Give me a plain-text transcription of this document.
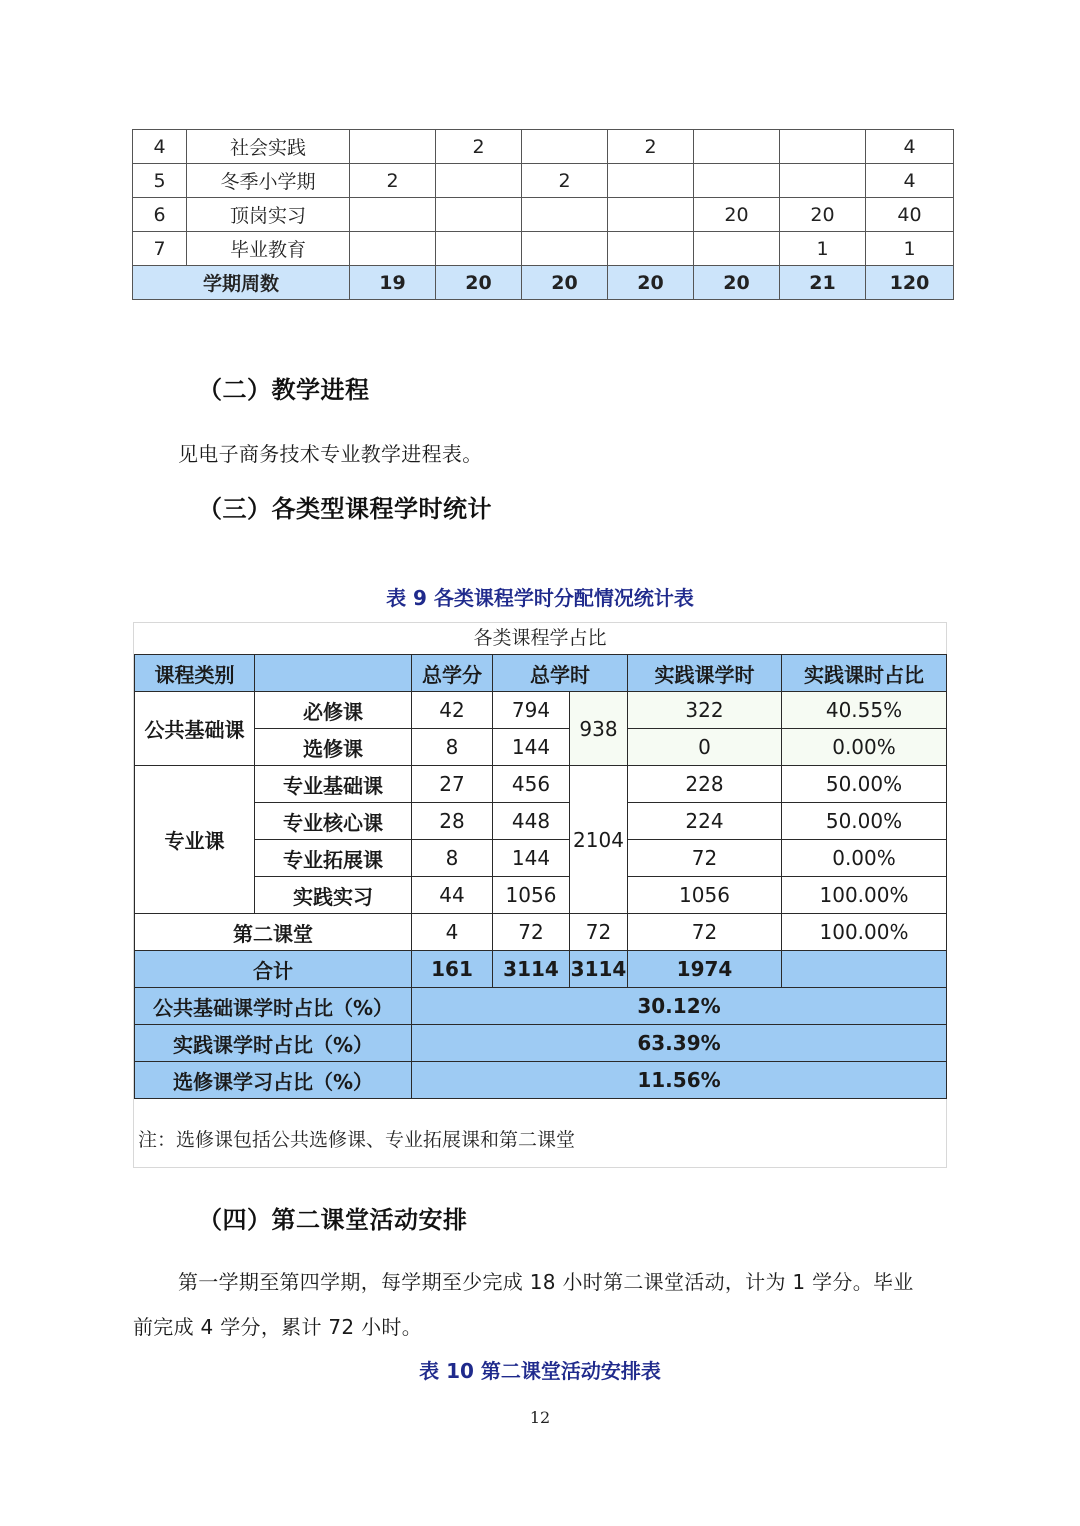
4	社会实践		2		2			4
5	冬季小学期	2		2				4
6	顶岗实习					20	20	40
7	毕业教育						1	1
学期周数		19	20	20	20	20	21	120
（二）教学进程
见电子商务技术专业教学进程表。
（三）各类型课程学时统计
表 9 各类课程学时分配情况统计表
各类课程学占比
课程类别		总学分	总学时		实践课学时	实践课时占比
公共基础课	必修课	42	794	938	322	40.55%
	选修课	8	144		0	0.00%
专业课	专业基础课	27	456	2104	228	50.00%
	专业核心课	28	448		224	50.00%
	专业拓展课	8	144		72	0.00%
	实践实习	44	1056		1056	100.00%
第二课堂		4	72	72	72	100.00%
合计		161	3114	3114	1974	
公共基础课学时占比（%）		30.12%				
实践课学时占比（%）		63.39%				
选修课学习占比（%）		11.56%				
注：选修课包括公共选修课、专业拓展课和第二课堂
（四）第二课堂活动安排
第一学期至第四学期，每学期至少完成 18 小时第二课堂活动，计为 1 学分。毕业
前完成 4 学分，累计 72 小时。
表 10 第二课堂活动安排表
12
